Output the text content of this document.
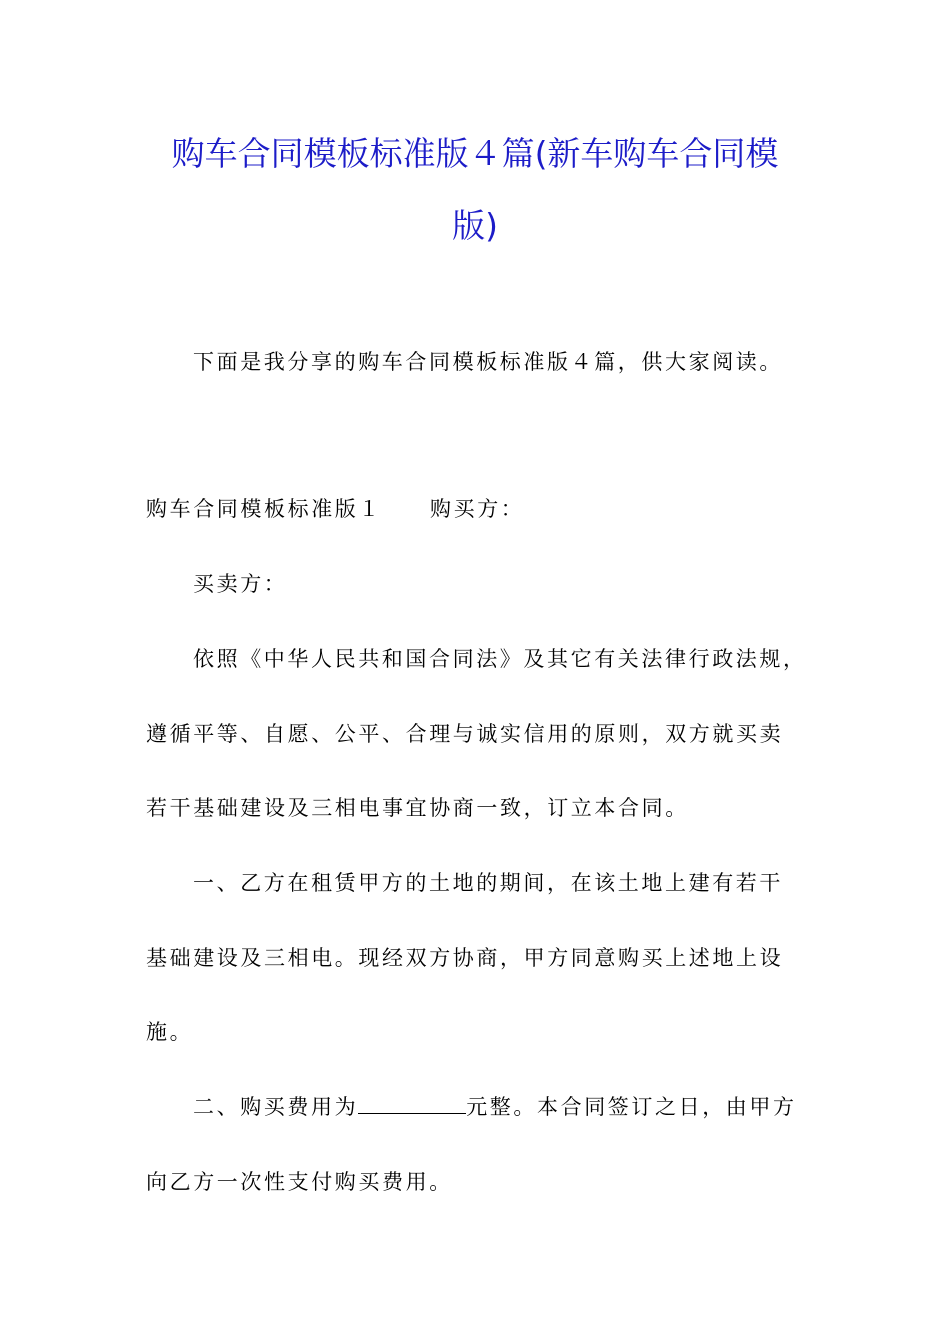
购车合同模板标准版４篇(新车购车合同模
版)
下面是我分享的购车合同模板标准版４篇，供大家阅读。
购车合同模板标准版１ 购买方：
买卖方：
依照《中华人民共和国合同法》及其它有关法律行政法规，
遵循平等、自愿、公平、合理与诚实信用的原则，双方就买卖
若干基础建设及三相电事宜协商一致，订立本合同。
一、乙方在租赁甲方的土地的期间，在该土地上建有若干
基础建设及三相电。现经双方协商，甲方同意购买上述地上设
施。
二、购买费用为	元整。本合同签订之日，由甲方
向乙方一次性支付购买费用。
